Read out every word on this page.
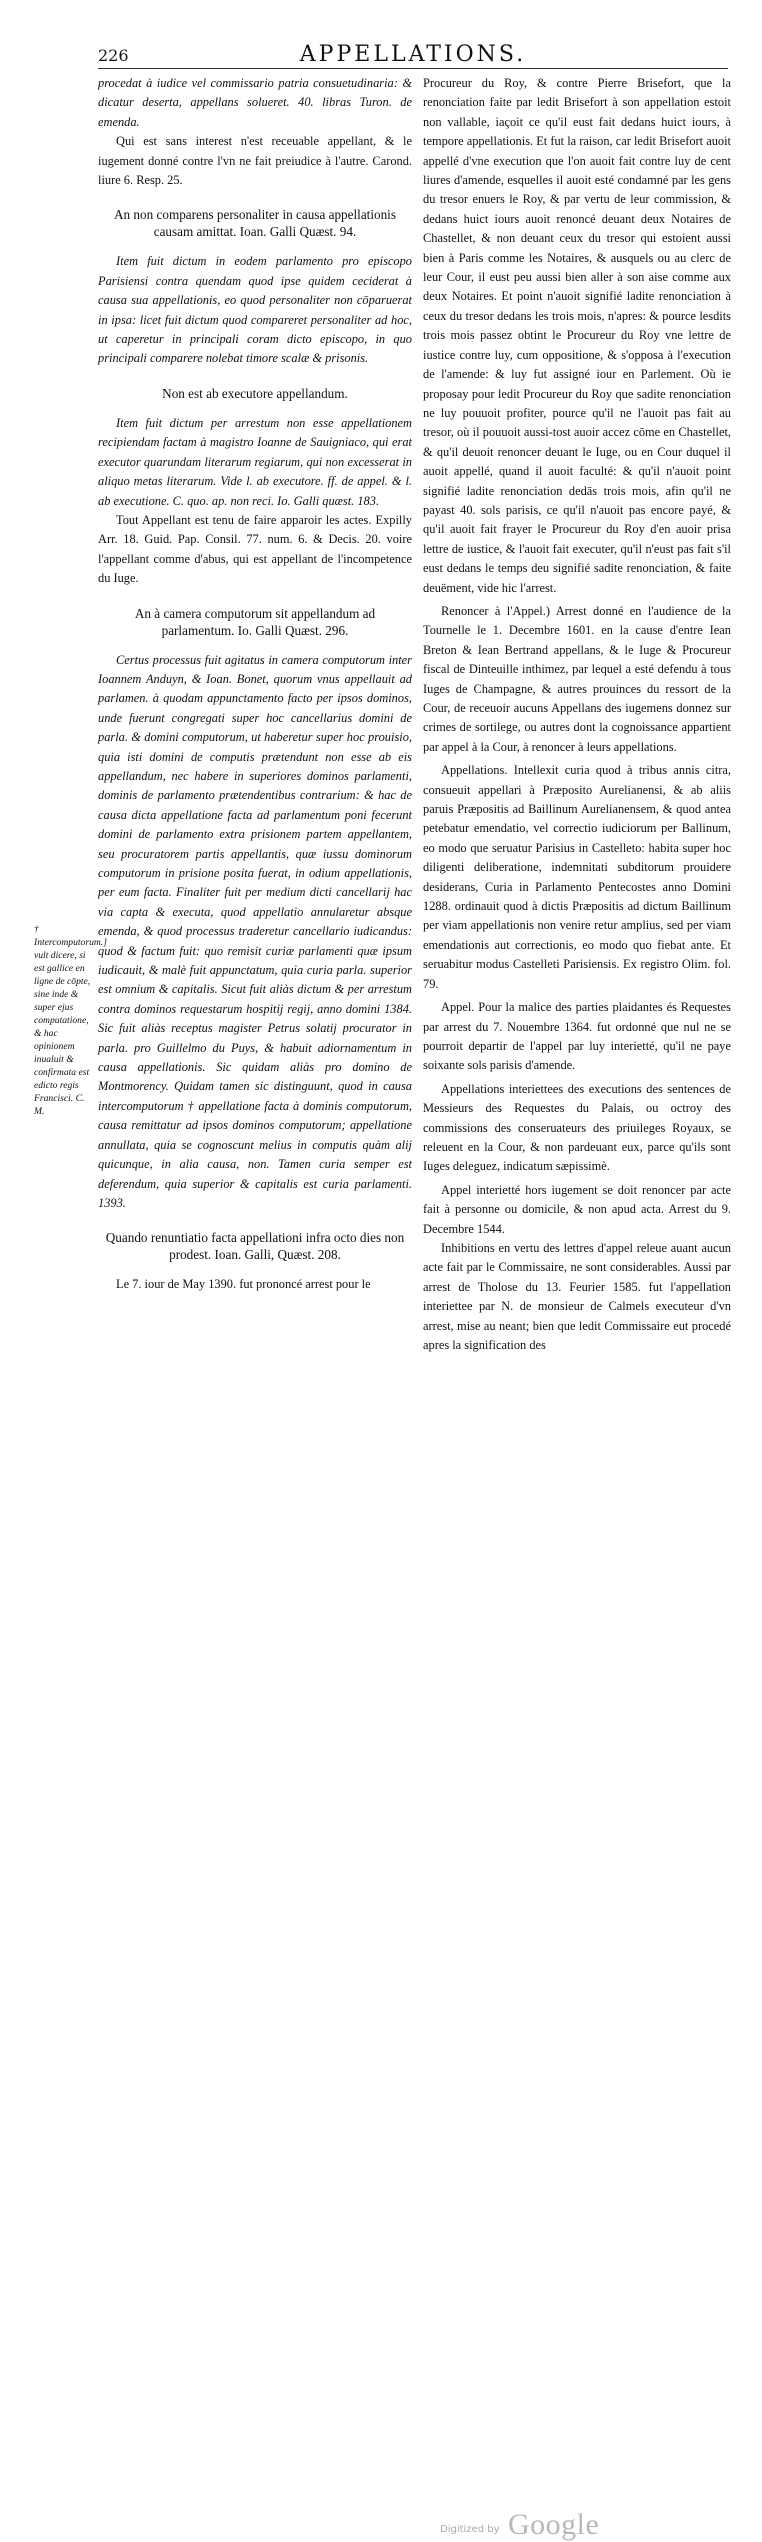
226	APPELLATIONS.

procedat à iudice vel commissario patria consuetudinaria: & dicatur deserta, appellans solueret. 40. libras Turon. de emenda.

Qui est sans interest n'est receuable appellant, & le iugement donné contre l'vn ne fait preiudice à l'autre. Carond. liure 6. Resp. 25.

An non comparens personaliter in causa appellationis causam amittat. Ioan. Galli Quæst. 94.

Item fuit dictum in eodem parlamento pro episcopo Parisiensi contra quendam quod ipse quidem ceciderat à causa sua appellationis, eo quod personaliter non cōparuerat in ipsa: licet fuit dictum quod compareret personaliter ad hoc, ut caperetur in principali coram dicto episcopo, in quo principali comparere nolebat timore scalæ & prisonis.

Non est ab executore appellandum.

Item fuit dictum per arrestum non esse appellationem recipiendam factam à magistro Ioanne de Sauigniaco, qui erat executor quarundam literarum regiarum, qui non excesserat in aliquo metas literarum. Vide l. ab executore. ff. de appel. & l. ab executione. C. quo. ap. non reci. Io. Galli quæst. 183.

Tout Appellant est tenu de faire apparoir les actes. Expilly Arr. 18. Guid. Pap. Consil. 77. num. 6. & Decis. 20. voire l'appellant comme d'abus, qui est appellant de l'incompetence du Iuge.

An à camera computorum sit appellandum ad parlamentum. Io. Galli Quæst. 296.

Certus processus fuit agitatus in camera computorum inter Ioannem Anduyn, & Ioan. Bonet, quorum vnus appellauit ad parlamen. à quodam appunctamento facto per ipsos dominos, unde fuerunt congregati super hoc cancellarius domini de parla. & domini computorum, ut haberetur super hoc prouisio, quia isti domini de computis prætendunt non esse ab eis appellandum, nec habere in superiores dominos parlamenti, dominis de parlamento prætendentibus contrarium: & hac de causa dicta appellatione facta ad parlamentum poni fecerunt domini de parlamento extra prisionem partem appellantem, seu procuratorem partis appellantis, quæ iussu dominorum computorum in prisione posita fuerat, in odium appellationis, per eum facta. Finaliter fuit per medium dicti cancellarij hac via capta & executa, quod appellatio annularetur absque emenda, & quod processus traderetur cancellario iudicandus: quod & factum fuit: quo remisit curiæ parlamenti quæ ipsum iudicauit, & malè fuit appunctatum, quia curia parla. superior est omnium & capitalis. Sicut fuit aliàs dictum & per arrestum contra dominos requestarum hospitij regij, anno domini 1384. Sic fuit aliàs receptus magister Petrus solatij procurator in parla. pro Guillelmo du Puys, & habuit adiornamentum in causa appellationis. Sic quidam aliàs pro domino de Montmorency. Quidam tamen sic distinguunt, quod in causa intercomputorum † appellatione facta à dominis computorum, causa remittatur ad ipsos dominos computorum; appellatione annullata, quia se cognoscunt melius in computis quàm alij quicunque, in alia causa, non. Tamen curia semper est deferendum, quia superior & capitalis est curia parlamenti. 1393.

Quando renuntiatio facta appellationi infra octo dies non prodest. Ioan. Galli, Quæst. 208.

Le 7. iour de May 1390. fut prononcé arrest pour le

† Intercomputorum.] vult dicere, si est gallice en ligne de cōpte, sine inde & super ejus computatione, & hac opinionem inualuit & confirmata est edicto regis Francisci. C. M.

Procureur du Roy, & contre Pierre Brisefort, que la renonciation faite par ledit Brisefort à son appellation estoit non vallable, iaçoit ce qu'il eust fait dedans huict iours, à tempore appellationis. Et fut la raison, car ledit Brisefort auoit appellé d'vne execution que l'on auoit fait contre luy de cent liures d'amende, esquelles il auoit esté condamné par les gens du tresor enuers le Roy, & par vertu de leur commission, & dedans huict iours auoit renoncé deuant deux Notaires de Chastellet, & non deuant ceux du tresor qui estoient aussi bien à Paris comme les Notaires, & ausquels ou au clerc de leur Cour, il eust peu aussi bien aller à son aise comme aux deux Notaires. Et point n'auoit signifié ladite renonciation à ceux du tresor dedans les trois mois, n'apres: & pource lesdits trois mois passez obtint le Procureur du Roy vne lettre de iustice contre luy, cum oppositione, & s'opposa à l'execution de l'amende: & luy fut assigné iour en Parlement. Où ie proposay pour ledit Procureur du Roy que sadite renonciation ne luy pouuoit profiter, pource qu'il ne l'auoit pas fait au tresor, où il pouuoit aussi-tost auoir accez cōme en Chastellet, & qu'il deuoit renoncer deuant le Iuge, ou en Cour duquel il auoit appellé, quand il auoit faculté: & qu'il n'auoit point signifié ladite renonciation dedās trois mois, afin qu'il ne payast 40. sols parisis, ce qu'il n'auoit pas encore payé, & qu'il auoit fait frayer le Procureur du Roy d'en auoir prisa lettre de iustice, & l'auoit fait executer, qu'il n'eust pas fait s'il eust dedans le temps deu signifié sadite renonciation, & faite deuëment, vide hic l'arrest.

Renoncer à l'Appel.) Arrest donné en l'audience de la Tournelle le 1. Decembre 1601. en la cause d'entre Iean Breton & Iean Bertrand appellans, & le Iuge & Procureur fiscal de Dinteuille inthimez, par lequel a esté defendu à tous Iuges de Champagne, & autres prouinces du ressort de la Cour, de receuoir aucuns Appellans des iugemens donnez sur crimes de sortilege, ou autres dont la cognoissance appartient par appel à la Cour, à renoncer à leurs appellations.

Appellations. Intellexit curia quod à tribus annis citra, consueuit appellari à Præposito Aurelianensi, & ab aliis paruis Præpositis ad Baillinum Aurelianensem, & quod antea petebatur emendatio, vel correctio iudiciorum per Ballinum, eo modo que seruatur Parisius in Castelleto: habita super hoc diligenti deliberatione, indemnitati subditorum prouidere desiderans, Curia in Parlamento Pentecostes anno Domini 1288. ordinauit quod à dictis Præpositis ad dictum Baillinum per viam appellationis non venire retur amplius, sed per viam emendationis aut correctionis, eo modo quo fiebat ante. Et seruabitur modus Castelleti Parisiensis. Ex registro Olim. fol. 79.

Appel. Pour la malice des parties plaidantes és Requestes par arrest du 7. Nouembre 1364. fut ordonné que nul ne se pourroit departir de l'appel par luy interietté, qu'il ne paye soixante sols parisis d'amende.

Appellations interiettees des executions des sentences de Messieurs des Requestes du Palais, ou octroy des commissions des conseruateurs des priuileges Royaux, se releuent en la Cour, & non pardeuant eux, parce qu'ils sont Iuges deleguez, indicatum sæpissimè.

Appel interietté hors iugement se doit renoncer par acte fait à personne ou domicile, & non apud acta. Arrest du 9. Decembre 1544.

Inhibitions en vertu des lettres d'appel releue auant aucun acte fait par le Commissaire, ne sont considerables. Aussi par arrest de Tholose du 13. Feurier 1585. fut l'appellation interiettee par N. de monsieur de Calmels executeur d'vn arrest, mise au neant; bien que ledit Commissaire eut procedé apres la signification des

Digitized by Google
